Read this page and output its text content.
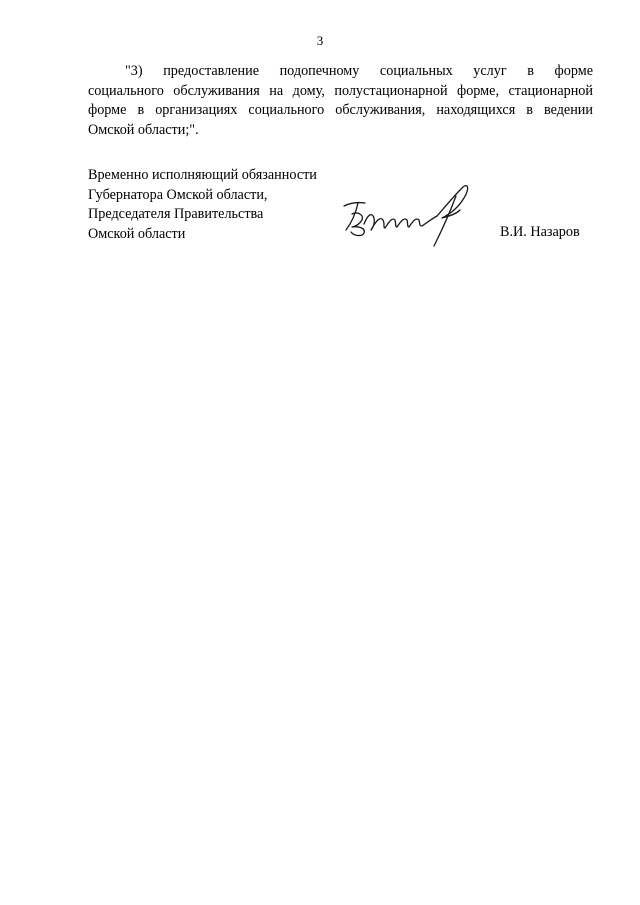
3

"3) предоставление подопечному социальных услуг в форме
социального обслуживания на дому, полустационарной форме, стационарной
форме в организациях социального обслуживания, находящихся в ведении
Омской области;".

Временно исполняющий обязанности
Губернатора Омской области,
Председателя Правительства
Омской области	В.И. Назаров
